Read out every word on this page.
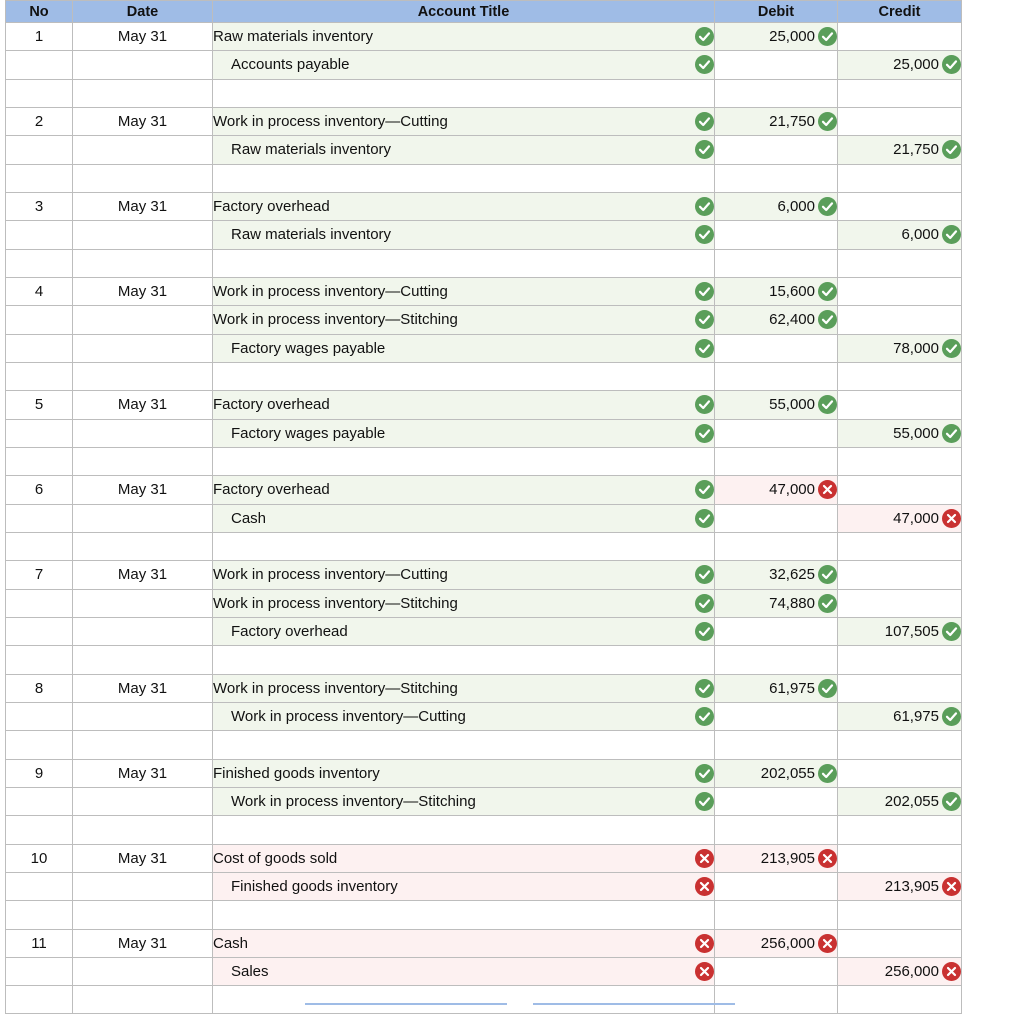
No	Date	Account Title	Debit	Credit
1	May 31	Raw materials inventory	25,000	

		Accounts payable		25,000

2	May 31	Work in process inventory—Cutting	21,750	

		Raw materials inventory		21,750

3	May 31	Factory overhead	6,000	

		Raw materials inventory		6,000

4	May 31	Work in process inventory—Cutting	15,600	

		Work in process inventory—Stitching	62,400	

		Factory wages payable		78,000

5	May 31	Factory overhead	55,000	

		Factory wages payable		55,000

6	May 31	Factory overhead	47,000	

		Cash		47,000

7	May 31	Work in process inventory—Cutting	32,625	

		Work in process inventory—Stitching	74,880	

		Factory overhead		107,505

8	May 31	Work in process inventory—Stitching	61,975	

		Work in process inventory—Cutting		61,975

9	May 31	Finished goods inventory	202,055	

		Work in process inventory—Stitching		202,055

10	May 31	Cost of goods sold	213,905	

		Finished goods inventory		213,905

11	May 31	Cash	256,000	

		Sales		256,000
